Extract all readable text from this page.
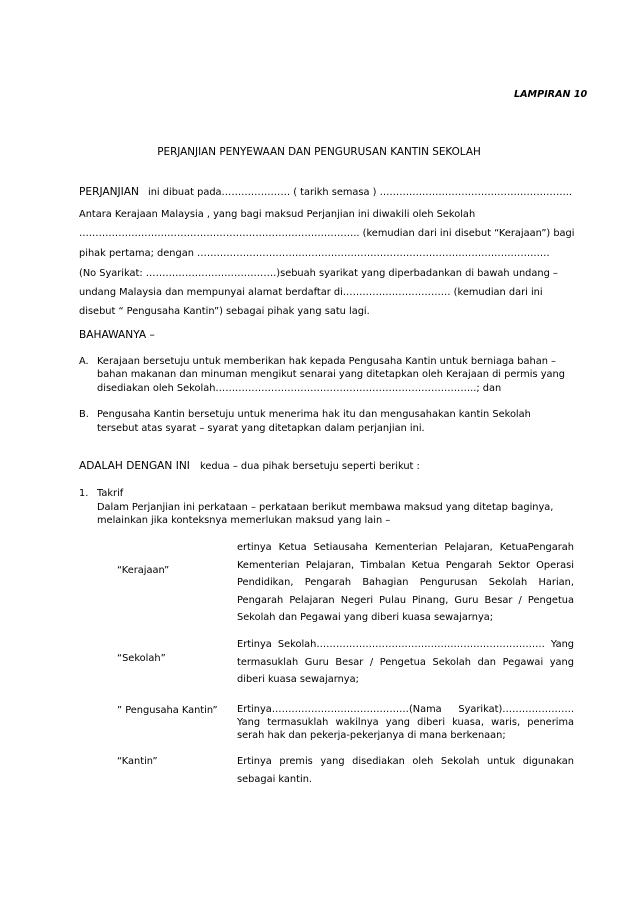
LAMPIRAN 10
PERJANJIAN PENYEWAAN DAN PENGURUSAN KANTIN SEKOLAH
PERJANJIAN ini dibuat pada………………… ( tarikh semasa ) …………………………………………………..
Antara Kerajaan Malaysia , yang bagi maksud Perjanjian ini diwakili oleh Sekolah
………………………………………………………………………….. (kemudian dari ini disebut “Kerajaan”) bagi
pihak pertama; dengan ………………………………………………………………………………………………
(No Syarikat: ………………………………….)sebuah syarikat yang diperbadankan di bawah undang –
undang Malaysia dan mempunyai alamat berdaftar di…………………………… (kemudian dari ini
disebut “ Pengusaha Kantin”) sebagai pihak yang satu lagi.
BAHAWANYA –
A. Kerajaan bersetuju untuk memberikan hak kepada Pengusaha Kantin untuk berniaga bahan –
bahan makanan dan minuman mengikut senarai yang ditetapkan oleh Kerajaan di permis yang
disediakan oleh Sekolah……………………………………………………………………..; dan
B. Pengusaha Kantin bersetuju untuk menerima hak itu dan mengusahakan kantin Sekolah
tersebut atas syarat – syarat yang ditetapkan dalam perjanjian ini.
ADALAH DENGAN INI kedua – dua pihak bersetuju seperti berikut :
1. Takrif
Dalam Perjanjian ini perkataan – perkataan berikut membawa maksud yang ditetap baginya,
melainkan jika konteksnya memerlukan maksud yang lain –
“Kerajaan”
ertinya Ketua Setiausaha Kementerian Pelajaran, KetuaPengarah Kementerian Pelajaran, Timbalan Ketua Pengarah Sektor Operasi Pendidikan, Pengarah Bahagian Pengurusan Sekolah Harian, Pengarah Pelajaran Negeri Pulau Pinang, Guru Besar / Pengetua Sekolah dan Pegawai yang diberi kuasa sewajarnya;
“Sekolah”
Ertinya Sekolah……………………………………………………………. Yang termasuklah Guru Besar / Pengetua Sekolah dan Pegawai yang diberi kuasa sewajarnya;
” Pengusaha Kantin” Ertinya……………………………………(Nama Syarikat)…………………. Yang termasuklah wakilnya yang diberi kuasa, waris, penerima serah hak dan pekerja-pekerjanya di mana berkenaan;
“Kantin”	Ertinya premis yang disediakan oleh Sekolah untuk digunakan sebagai kantin.
